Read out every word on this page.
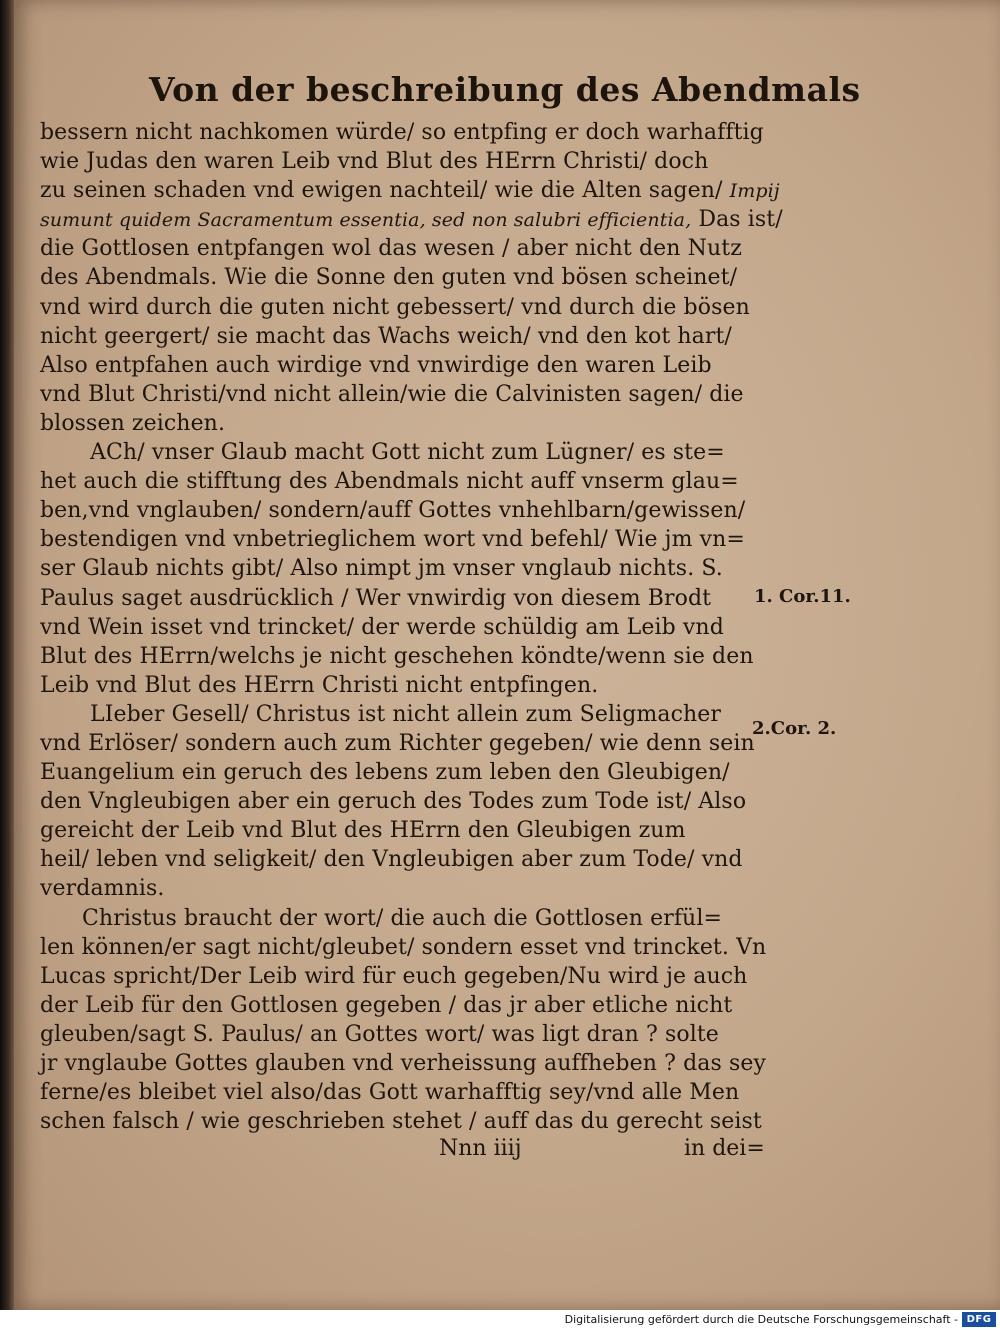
Von der beschreibung des Abendmals
bessern nicht nachkomen würde/ so entpfing er doch warhafftig
wie Judas den waren Leib vnd Blut des HErrn Christi/ doch
zu seinen schaden vnd ewigen nachteil/ wie die Alten sagen/ Impij
sumunt quidem Sacramentum essentia, sed non salubri efficientia, Das ist/
die Gottlosen entpfangen wol das wesen / aber nicht den Nutz
des Abendmals. Wie die Sonne den guten vnd bösen scheinet/
vnd wird durch die guten nicht gebessert/ vnd durch die bösen
nicht geergert/ sie macht das Wachs weich/ vnd den kot hart/
Also entpfahen auch wirdige vnd vnwirdige den waren Leib
vnd Blut Christi/vnd nicht allein/wie die Calvinisten sagen/ die
blossen zeichen.
ACh/ vnser Glaub macht Gott nicht zum Lügner/ es ste=
het auch die stifftung des Abendmals nicht auff vnserm glau=
ben,vnd vnglauben/ sondern/auff Gottes vnhehlbarn/gewissen/
bestendigen vnd vnbetrieglichem wort vnd befehl/ Wie jm vn=
ser Glaub nichts gibt/ Also nimpt jm vnser vnglaub nichts. S.
Paulus saget ausdrücklich / Wer vnwirdig von diesem Brodt
vnd Wein isset vnd trincket/ der werde schüldig am Leib vnd
Blut des HErrn/welchs je nicht geschehen köndte/wenn sie den
Leib vnd Blut des HErrn Christi nicht entpfingen.
LIeber Gesell/ Christus ist nicht allein zum Seligmacher
vnd Erlöser/ sondern auch zum Richter gegeben/ wie denn sein
Euangelium ein geruch des lebens zum leben den Gleubigen/
den Vngleubigen aber ein geruch des Todes zum Tode ist/ Also
gereicht der Leib vnd Blut des HErrn den Gleubigen zum
heil/ leben vnd seligkeit/ den Vngleubigen aber zum Tode/ vnd
verdamnis.
Christus braucht der wort/ die auch die Gottlosen erfül=
len können/er sagt nicht/gleubet/ sondern esset vnd trincket. Vn
Lucas spricht/Der Leib wird für euch gegeben/Nu wird je auch
der Leib für den Gottlosen gegeben / das jr aber etliche nicht
gleuben/sagt S. Paulus/ an Gottes wort/ was ligt dran ? solte
jr vnglaube Gottes glauben vnd verheissung auffheben ? das sey
ferne/es bleibet viel also/das Gott warhafftig sey/vnd alle Men
schen falsch / wie geschrieben stehet / auff das du gerecht seist
1. Cor.11.
2.Cor. 2.
Nnn iiij	in dei=
Digitalisierung gefördert durch die Deutsche Forschungsgemeinschaft - DFG
